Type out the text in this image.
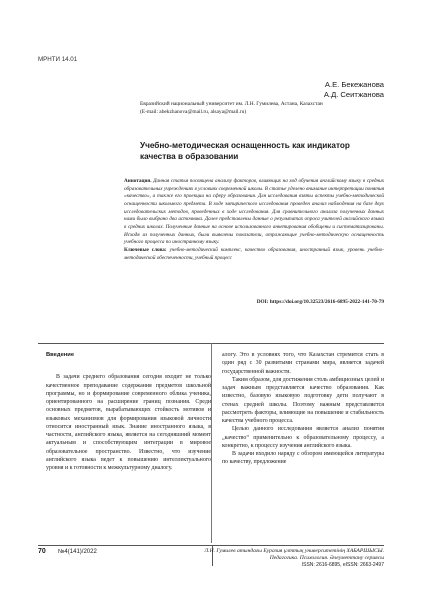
МРНТИ 14.01
А.Е. Бекежанова
А.Д. Сеитжанова
Евразийский национальный университет им. Л.Н. Гумилева, Астана, Казахстан
(E-mail: abekzhanova@mail.ru, alsaya@mail.ru)
Учебно-методическая оснащенность как индикатор качества в образовании
Аннотация. Данная статья посвящена анализу факторов, влияющих на ход обучения английскому языку в средних образовательных учреждениях в условиях современной школы. В статье уделено внимание интерпретации понятия «качество», а также его проекции на сферу образования. Для исследования взяты аспекты учебно-методической оснащенности школьного предмета. В ходе эмпирического исследования проведен анализ наблюдения на базе двух исследовательских методов, проведенных в ходе исследования. Для сравнительного анализа полученных данных нами было выбрано два источника. Далее представлены данные о результатах опроса учителей английского языка в средних школах. Полученные данные на основе использованного анкетирования обобщены и систематизированы. Исходя из полученных данных, были выявлены показатели, отражающие учебно-методическую оснащенность учебного процесса по иностранному языку.
Ключевые слова: учебно-методический комплекс, качество образования, иностранный язык, уровень учебно-методической обеспеченности, учебный процесс
DOI: https://doi.org/10.32523/2616-6895-2022-141-70-79
Введение

В задачи среднего образования сегодня входит не только качественное преподавание содержания предметов школьной программы, но и формирование современного облика ученика, ориентированного на расширение границ познания. Среди основных предметов, вырабатывающих стойкость мотивов и языковых механизмов для формирования языковой личности относится иностранный язык. Знание иностранного языка, в частности, английского языка, является на сегодняшний момент актуальным и способствующим интеграции в мировое образовательное пространство. Известно, что изучение английского языка ведет к повышению интеллектуального уровня и к готовности к межкультурному диалогу.

алогу. Это в условиях того, что Казахстан стремится стать в один ряд с 30 развитыми странами мира, является задачей государственной важности.

Таким образом, для достижения столь амбициозных целей и задач важным представляется качество образования. Как известно, базовую языковую подготовку дети получают в стенах средней школы. Поэтому важным представляется рассмотреть факторы, влияющие на повышение и стабильность качества учебного процесса.

Целью данного исследования является анализ понятия „качество“ применительно к образовательному процессу, а конкретно, к процессу изучения английского языка.

В задачи входило наряду с обзором имеющейся литературы по качеству, предложение

70 №4(141)/2022	Л.Н. Гумилев атындағы Еуразия ұлттық университетінің ХАБАРШЫСЫ.
Педагогика. Психология. Әлеуметтану сериясы
ISSN: 2616-6895, eISSN: 2663-2497
